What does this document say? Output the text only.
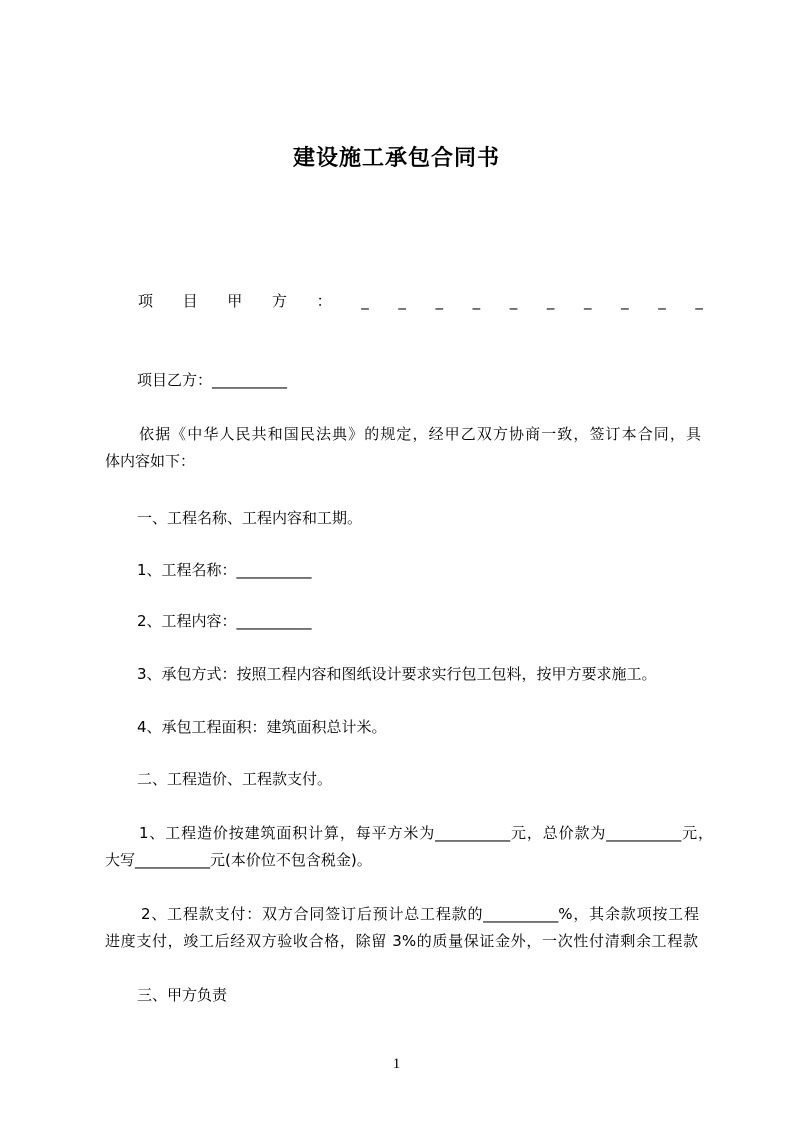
建设施工承包合同书
项 目 甲 方 ： _ _ _ _ _ _ _ _ _ _
项目乙方：__________
依据《中华人民共和国民法典》的规定，经甲乙双方协商一致，签订本合同，具
体内容如下：
一、工程名称、工程内容和工期。
1、工程名称：__________
2、工程内容：__________
3、承包方式：按照工程内容和图纸设计要求实行包工包料，按甲方要求施工。
4、承包工程面积：建筑面积总计米。
二、工程造价、工程款支付。
1、工程造价按建筑面积计算，每平方米为__________元，总价款为__________元，
大写__________元(本价位不包含税金)。
2、工程款支付：双方合同签订后预计总工程款的__________%，其余款项按工程
进度支付，竣工后经双方验收合格，除留 3%的质量保证金外，一次性付清剩余工程款
三、甲方负责
1
